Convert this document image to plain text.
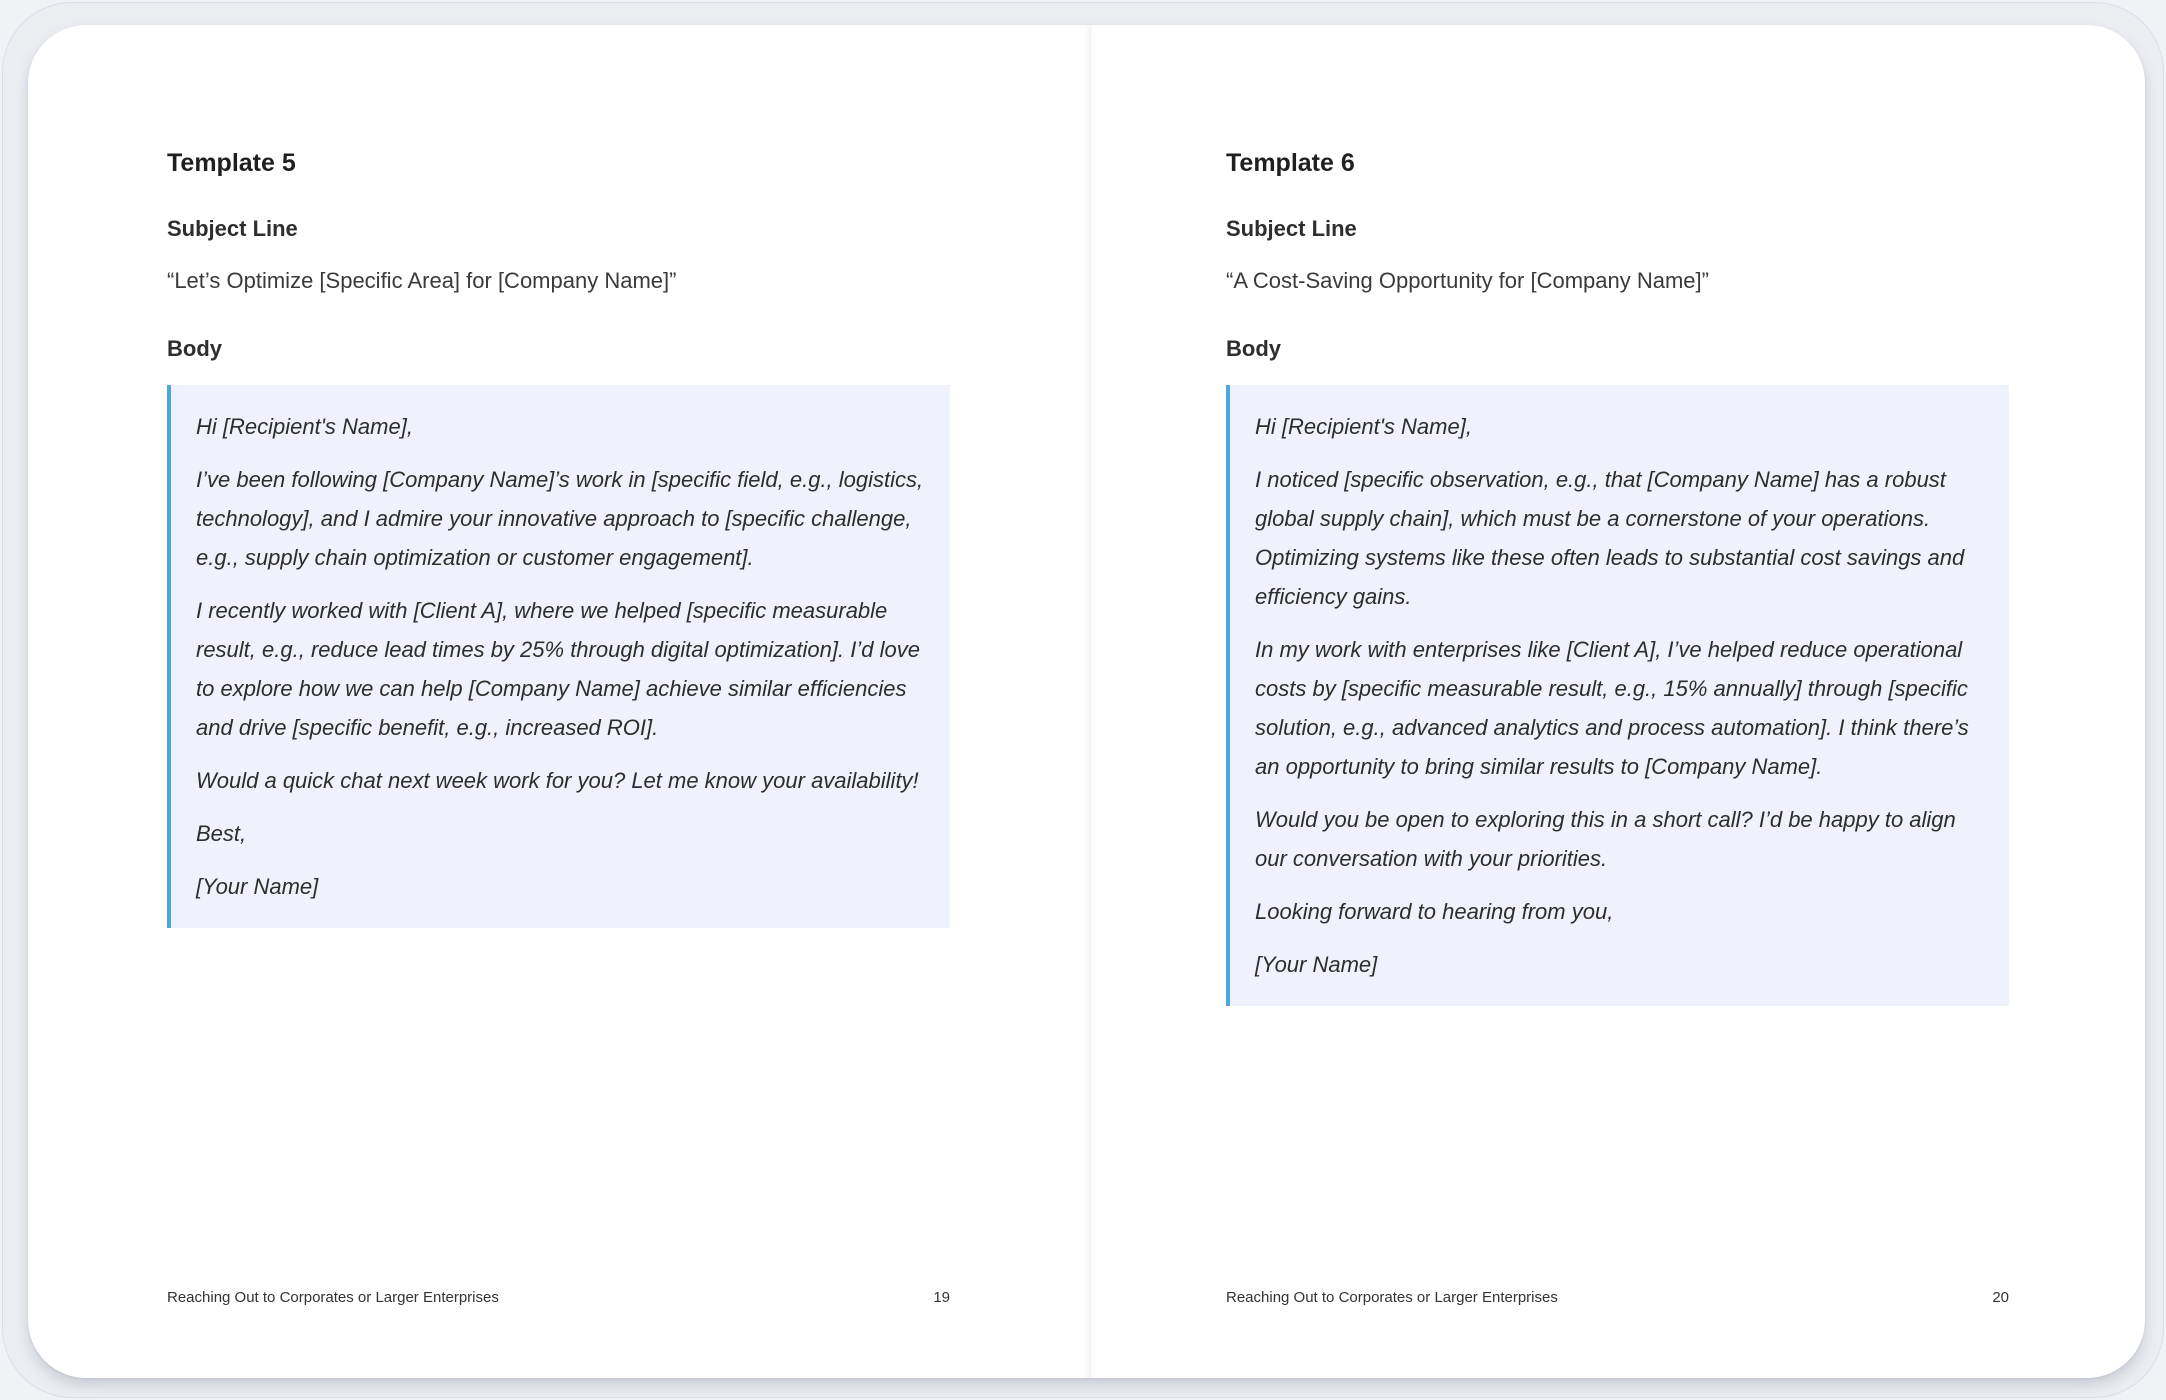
Template 5
Subject Line
“Let’s Optimize [Specific Area] for [Company Name]”
Body

Hi [Recipient's Name],

I’ve been following [Company Name]’s work in [specific field, e.g., logistics, technology], and I admire your innovative approach to [specific challenge, e.g., supply chain optimization or customer engagement].

I recently worked with [Client A], where we helped [specific measurable result, e.g., reduce lead times by 25% through digital optimization]. I’d love to explore how we can help [Company Name] achieve similar efficiencies and drive [specific benefit, e.g., increased ROI].

Would a quick chat next week work for you? Let me know your availability!

Best,

[Your Name]

Reaching Out to Corporates or Larger Enterprises	19
Template 6
Subject Line
“A Cost-Saving Opportunity for [Company Name]”
Body

Hi [Recipient's Name],

I noticed [specific observation, e.g., that [Company Name] has a robust global supply chain], which must be a cornerstone of your operations. Optimizing systems like these often leads to substantial cost savings and efficiency gains.

In my work with enterprises like [Client A], I’ve helped reduce operational costs by [specific measurable result, e.g., 15% annually] through [specific solution, e.g., advanced analytics and process automation]. I think there’s an opportunity to bring similar results to [Company Name].

Would you be open to exploring this in a short call? I’d be happy to align our conversation with your priorities.

Looking forward to hearing from you,

[Your Name]

Reaching Out to Corporates or Larger Enterprises	20
